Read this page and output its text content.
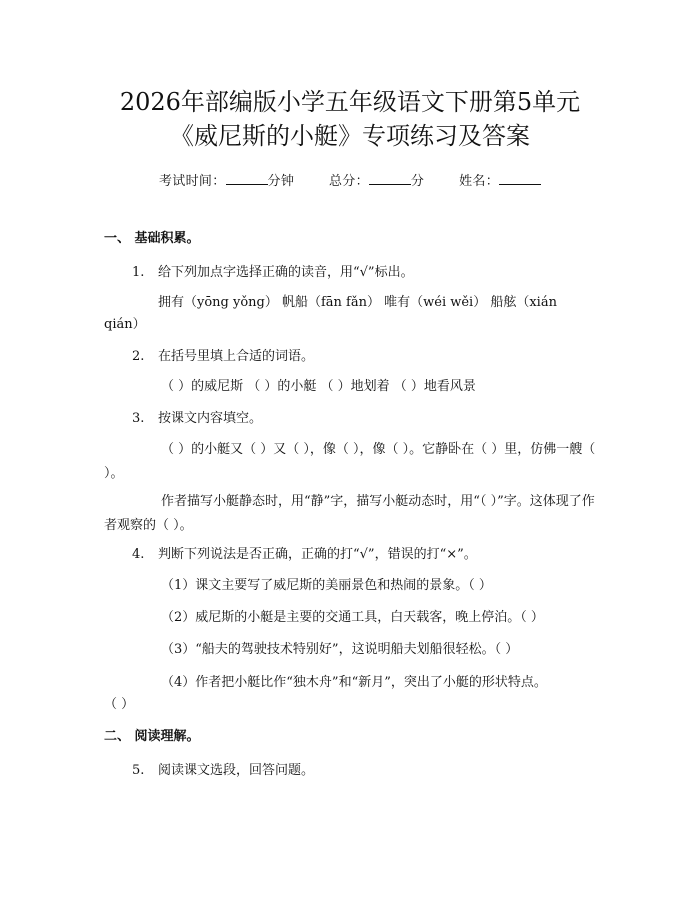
2026年部编版小学五年级语文下册第5单元
《威尼斯的小艇》专项练习及答案
考试时间：	分钟	总分：	分	姓名：
一、 基础积累。
1. 给下列加点字选择正确的读音，用“√”标出。
拥有（yōng yǒng） 帆船（fān fǎn） 唯有（wéi wěi） 船舷（xián
qián）
2. 在括号里填上合适的词语。
（ ）的威尼斯 （ ）的小艇 （ ）地划着 （ ）地看风景
3. 按课文内容填空。
（ ）的小艇又（ ）又（ ），像（ ），像（ ）。它静卧在（ ）里，仿佛一艘（ ）。
作者描写小艇静态时，用“静”字，描写小艇动态时，用“（ ）”字。这体现了作者观察的（ ）。
4. 判断下列说法是否正确，正确的打“√”，错误的打“×”。
（1）课文主要写了威尼斯的美丽景色和热闹的景象。（ ）
（2）威尼斯的小艇是主要的交通工具，白天载客，晚上停泊。（ ）
（3）“船夫的驾驶技术特别好”，这说明船夫划船很轻松。（ ）
（4）作者把小艇比作“独木舟”和“新月”，突出了小艇的形状特点。
（ ）
二、 阅读理解。
5. 阅读课文选段，回答问题。
